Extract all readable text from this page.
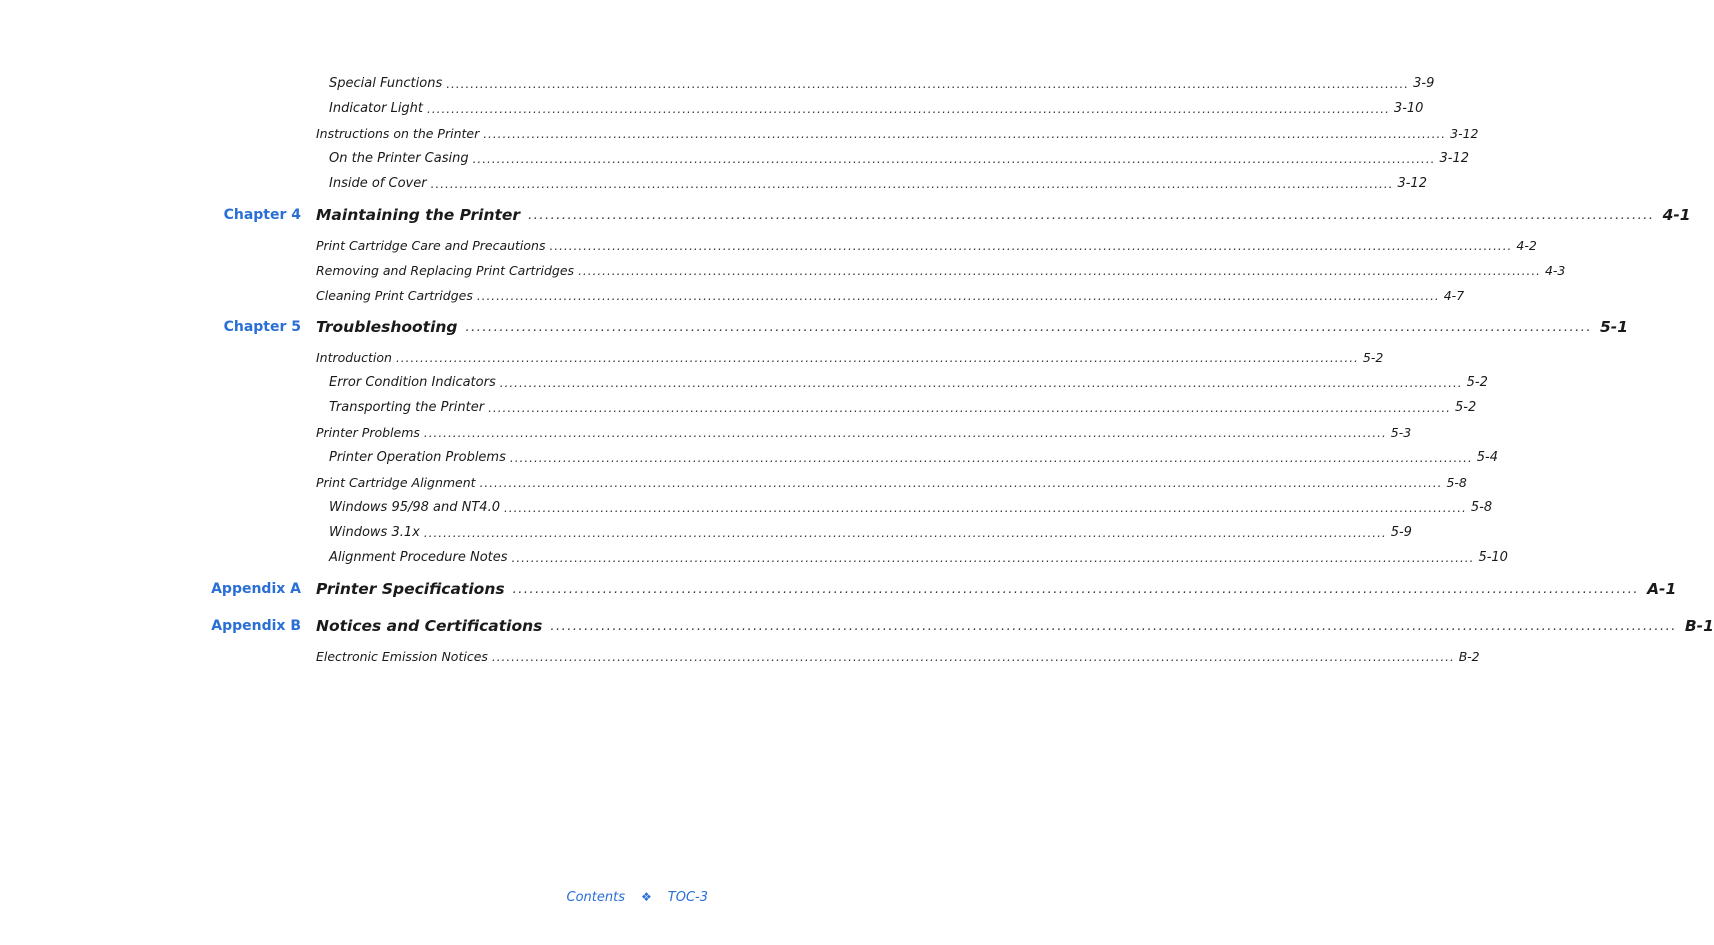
Special Functions ........................................................................................................................................................................................................ 3-9
Indicator Light ........................................................................................................................................................................................................ 3-10
Instructions on the Printer ........................................................................................................................................................................................................ 3-12
On the Printer Casing ........................................................................................................................................................................................................ 3-12
Inside of Cover ........................................................................................................................................................................................................ 3-12
Chapter 4 Maintaining the Printer ........................................................................................................................................................................................................ 4-1
Print Cartridge Care and Precautions ........................................................................................................................................................................................................ 4-2
Removing and Replacing Print Cartridges ........................................................................................................................................................................................................ 4-3
Cleaning Print Cartridges ........................................................................................................................................................................................................ 4-7
Chapter 5 Troubleshooting ........................................................................................................................................................................................................ 5-1
Introduction ........................................................................................................................................................................................................ 5-2
Error Condition Indicators ........................................................................................................................................................................................................ 5-2
Transporting the Printer ........................................................................................................................................................................................................ 5-2
Printer Problems ........................................................................................................................................................................................................ 5-3
Printer Operation Problems ........................................................................................................................................................................................................ 5-4
Print Cartridge Alignment ........................................................................................................................................................................................................ 5-8
Windows 95/98 and NT4.0 ........................................................................................................................................................................................................ 5-8
Windows 3.1x ........................................................................................................................................................................................................ 5-9
Alignment Procedure Notes ........................................................................................................................................................................................................ 5-10
Appendix A Printer Specifications ........................................................................................................................................................................................................ A-1
Appendix B Notices and Certifications ........................................................................................................................................................................................................ B-1
Electronic Emission Notices ........................................................................................................................................................................................................ B-2
Contents ❖ TOC-3
